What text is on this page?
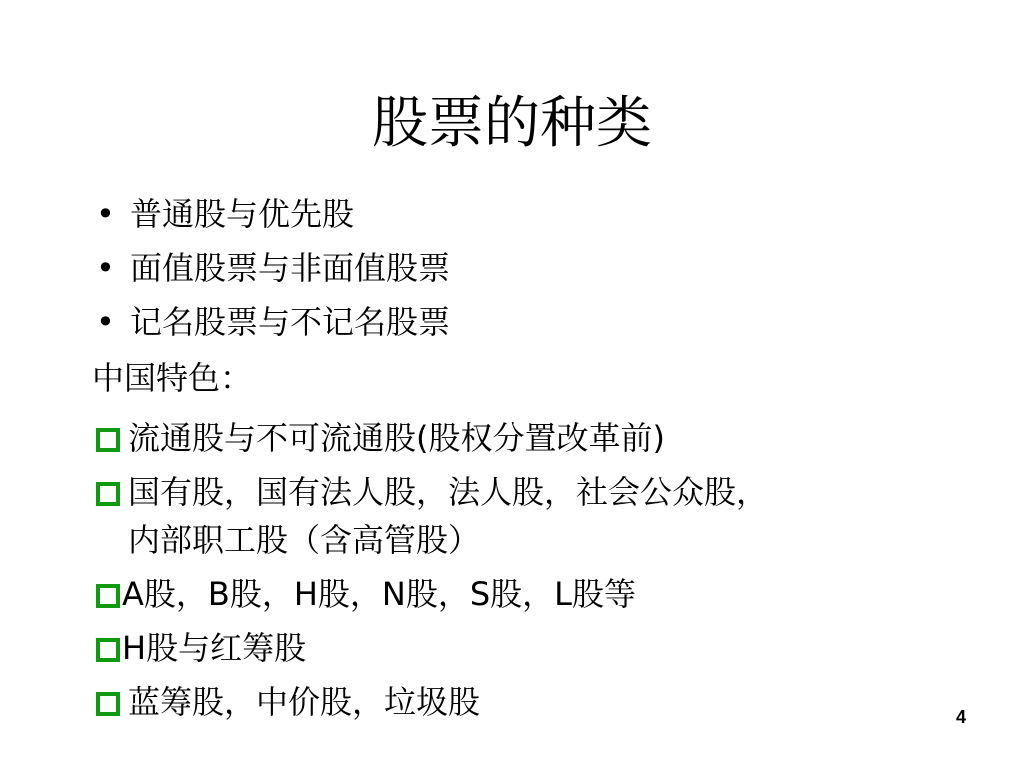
股票的种类
• 普通股与优先股
• 面值股票与非面值股票
• 记名股票与不记名股票
中国特色：
流通股与不可流通股(股权分置改革前)
国有股，国有法人股，法人股，社会公众股，
内部职工股（含高管股）
A股，B股，H股，N股，S股，L股等
H股与红筹股
蓝筹股，中价股，垃圾股	4
